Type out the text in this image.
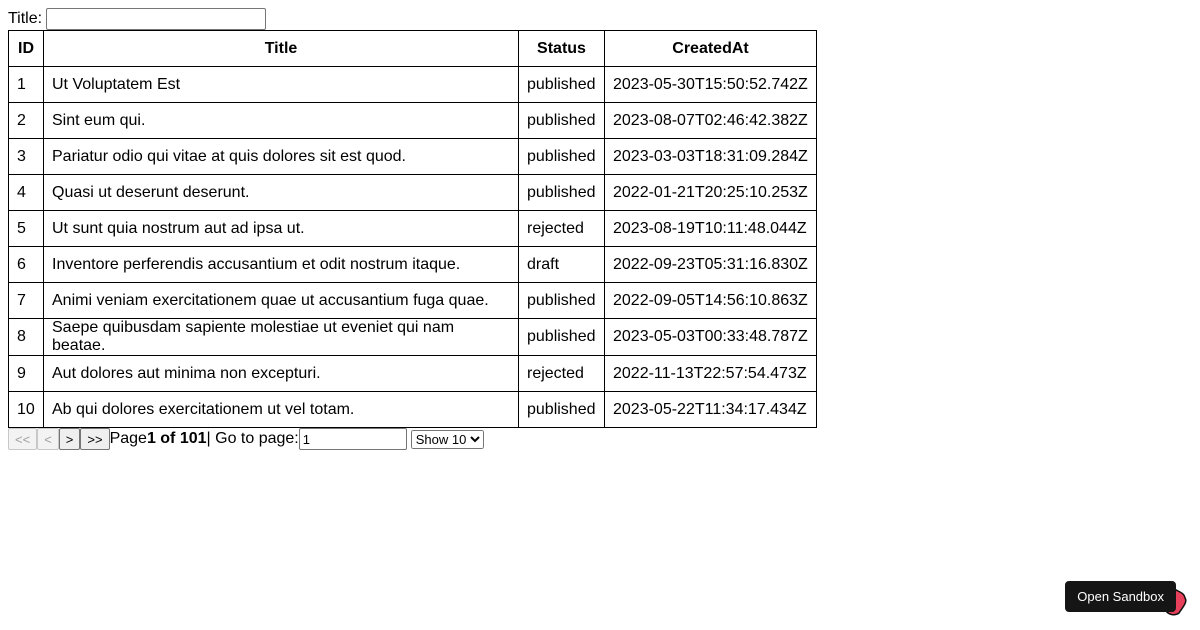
Title:
ID	Title	Status	CreatedAt
1	Ut Voluptatem Est	published	2023-05-30T15:50:52.742Z
2	Sint eum qui.	published	2023-08-07T02:46:42.382Z
3	Pariatur odio qui vitae at quis dolores sit est quod.	published	2023-03-03T18:31:09.284Z
4	Quasi ut deserunt deserunt.	published	2022-01-21T20:25:10.253Z
5	Ut sunt quia nostrum aut ad ipsa ut.	rejected	2023-08-19T10:11:48.044Z
6	Inventore perferendis accusantium et odit nostrum itaque.	draft	2022-09-23T05:31:16.830Z
7	Animi veniam exercitationem quae ut accusantium fuga quae.	published	2022-09-05T14:56:10.863Z
8	Saepe quibusdam sapiente molestiae ut eveniet qui nam beatae.	published	2023-05-03T00:33:48.787Z
9	Aut dolores aut minima non excepturi.	rejected	2022-11-13T22:57:54.473Z
10	Ab qui dolores exercitationem ut vel totam.	published	2023-05-22T11:34:17.434Z
<<	<	>	>> Page 1 of 101 | Go to page:
1
Show 10
Open Sandbox
